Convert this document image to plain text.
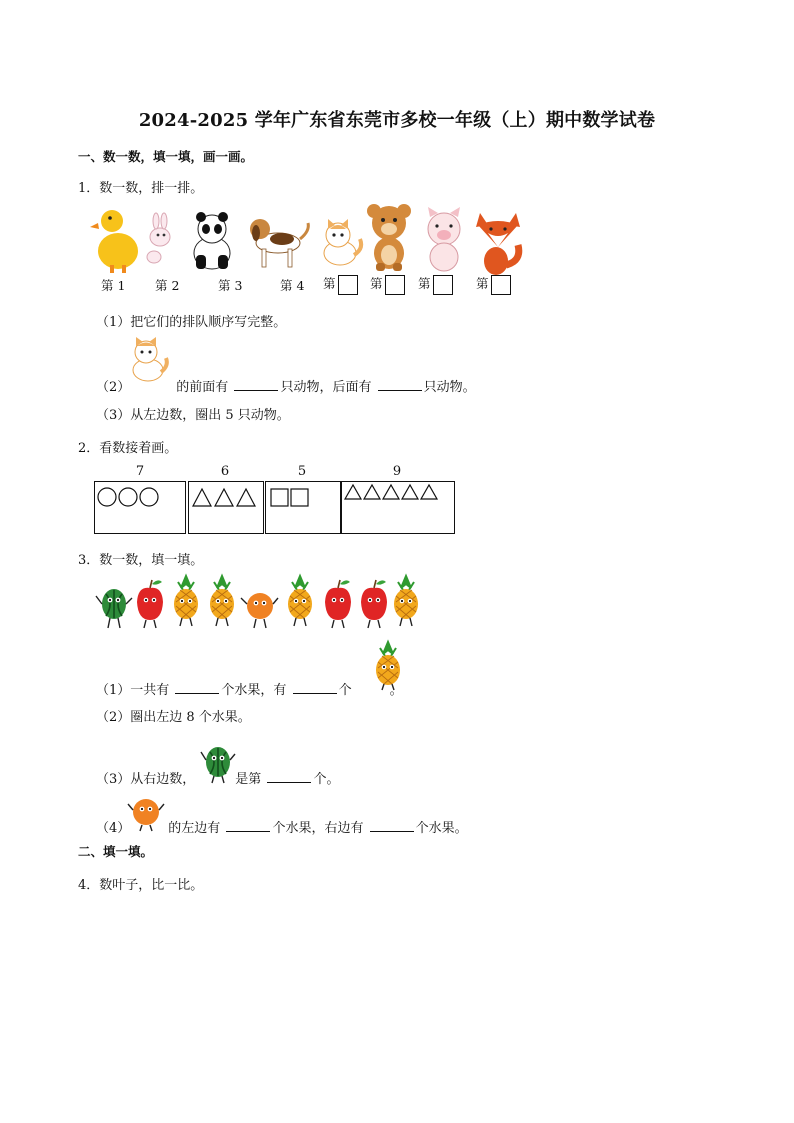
2024-2025 学年广东省东莞市多校一年级（上）期中数学试卷
一、数一数，填一填，画一画。
1．数一数，排一排。
第 1 第 2	第 3	第 4 第	第	第	第
（1）把它们的排队顺序写完整。
（2）	的前面有	只动物，后面有	只动物。
（3）从左边数，圈出 5 只动物。
2．看数接着画。
7	6	5	9
3．数一数，填一填。
（1）一共有	个水果，有	个	。
（2）圈出左边 8 个水果。
（3）从右边数，	是第	个。
（4）	的左边有	个水果，右边有	个水果。
二、填一填。
4．数叶子，比一比。
